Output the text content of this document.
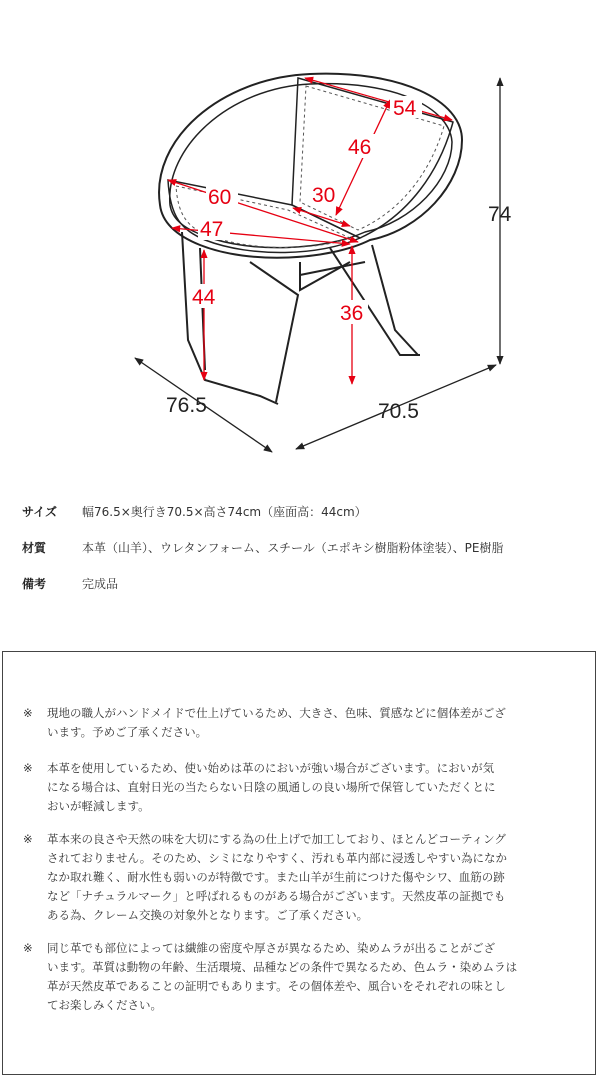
54
46
60	30
47
44
36
74
76.5	70.5
サイズ	幅76.5×奥行き70.5×高さ74cm（座面高：44cm）
材質	本革（山羊）、ウレタンフォーム、スチール（エポキシ樹脂粉体塗装）、PE樹脂
備考	完成品
※ 現地の職人がハンドメイドで仕上げているため、大きさ、色味、質感などに個体差がござ
います。予めご了承ください。
※ 本革を使用しているため、使い始めは革のにおいが強い場合がございます。においが気
になる場合は、直射日光の当たらない日陰の風通しの良い場所で保管していただくとに
おいが軽減します。
※ 革本来の良さや天然の味を大切にする為の仕上げで加工しており、ほとんどコーティング
されておりません。そのため、シミになりやすく、汚れも革内部に浸透しやすい為になか
なか取れ難く、耐水性も弱いのが特徴です。また山羊が生前につけた傷やシワ、血筋の跡
など「ナチュラルマーク」と呼ばれるものがある場合がございます。天然皮革の証拠でも
ある為、クレーム交換の対象外となります。ご了承ください。
※ 同じ革でも部位によっては繊維の密度や厚さが異なるため、染めムラが出ることがござ
います。革質は動物の年齢、生活環境、品種などの条件で異なるため、色ムラ・染めムラは
革が天然皮革であることの証明でもあります。その個体差や、風合いをそれぞれの味とし
てお楽しみください。
